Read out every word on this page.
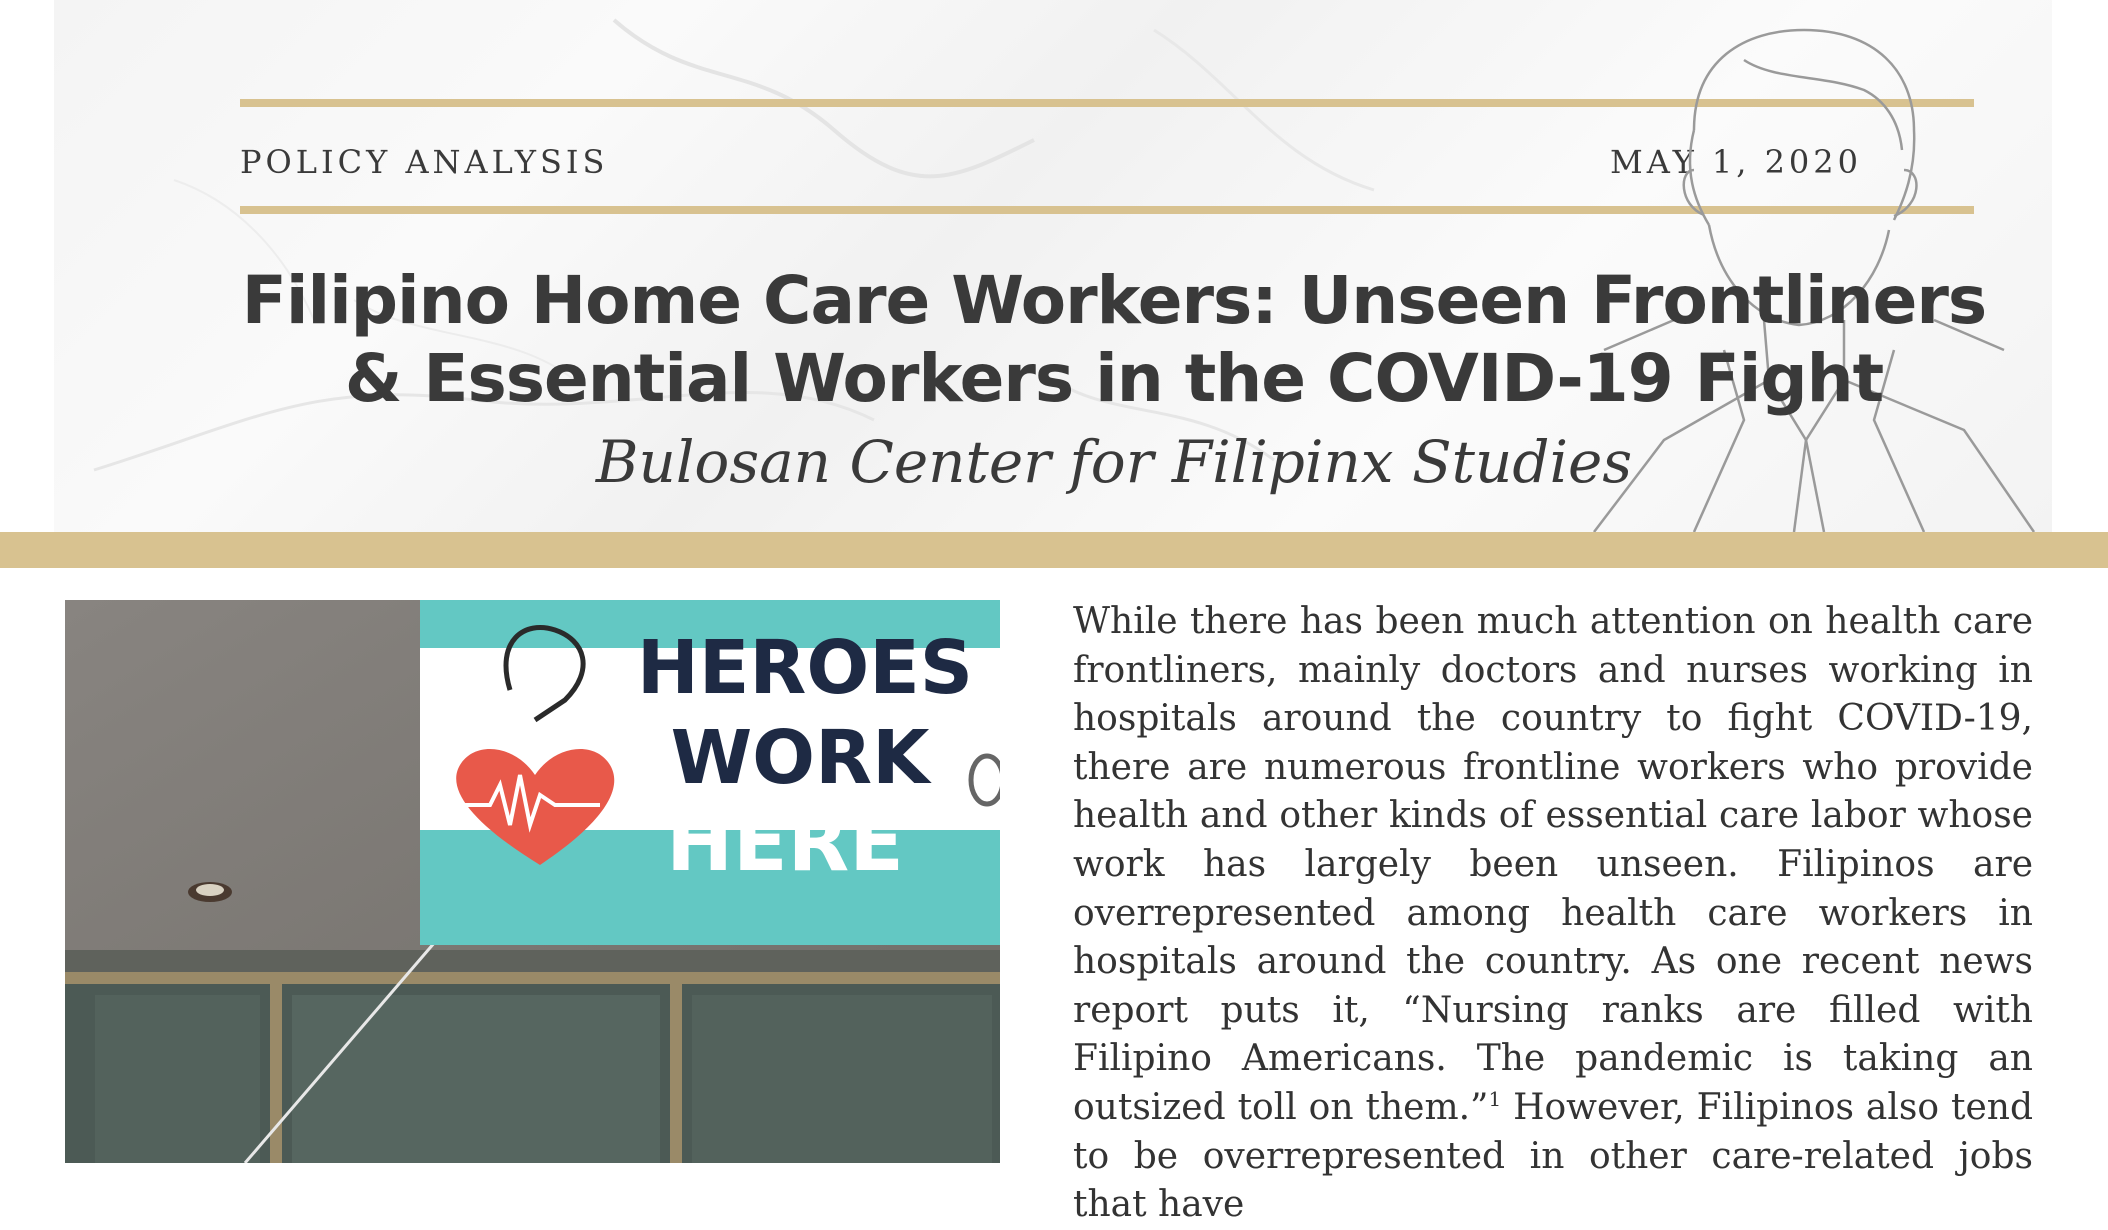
POLICY ANALYSIS	MAY 1, 2020
Filipino Home Care Workers: Unseen Frontliners
& Essential Workers in the COVID-19 Fight
Bulosan Center for Filipinx Studies
HEROES
WORK
HERE
While there has been much attention on health care frontliners, mainly doctors and nurses working in hospitals around the country to fight COVID-19, there are numerous frontline workers who provide health and other kinds of essential care labor whose work has largely been unseen. Filipinos are overrepresented among health care workers in hospitals around the country. As one recent news report puts it, “Nursing ranks are filled with Filipino Americans. The pandemic is taking an outsized toll on them.”$^1$ However, Filipinos also tend to be overrepresented in other care-related jobs that have
